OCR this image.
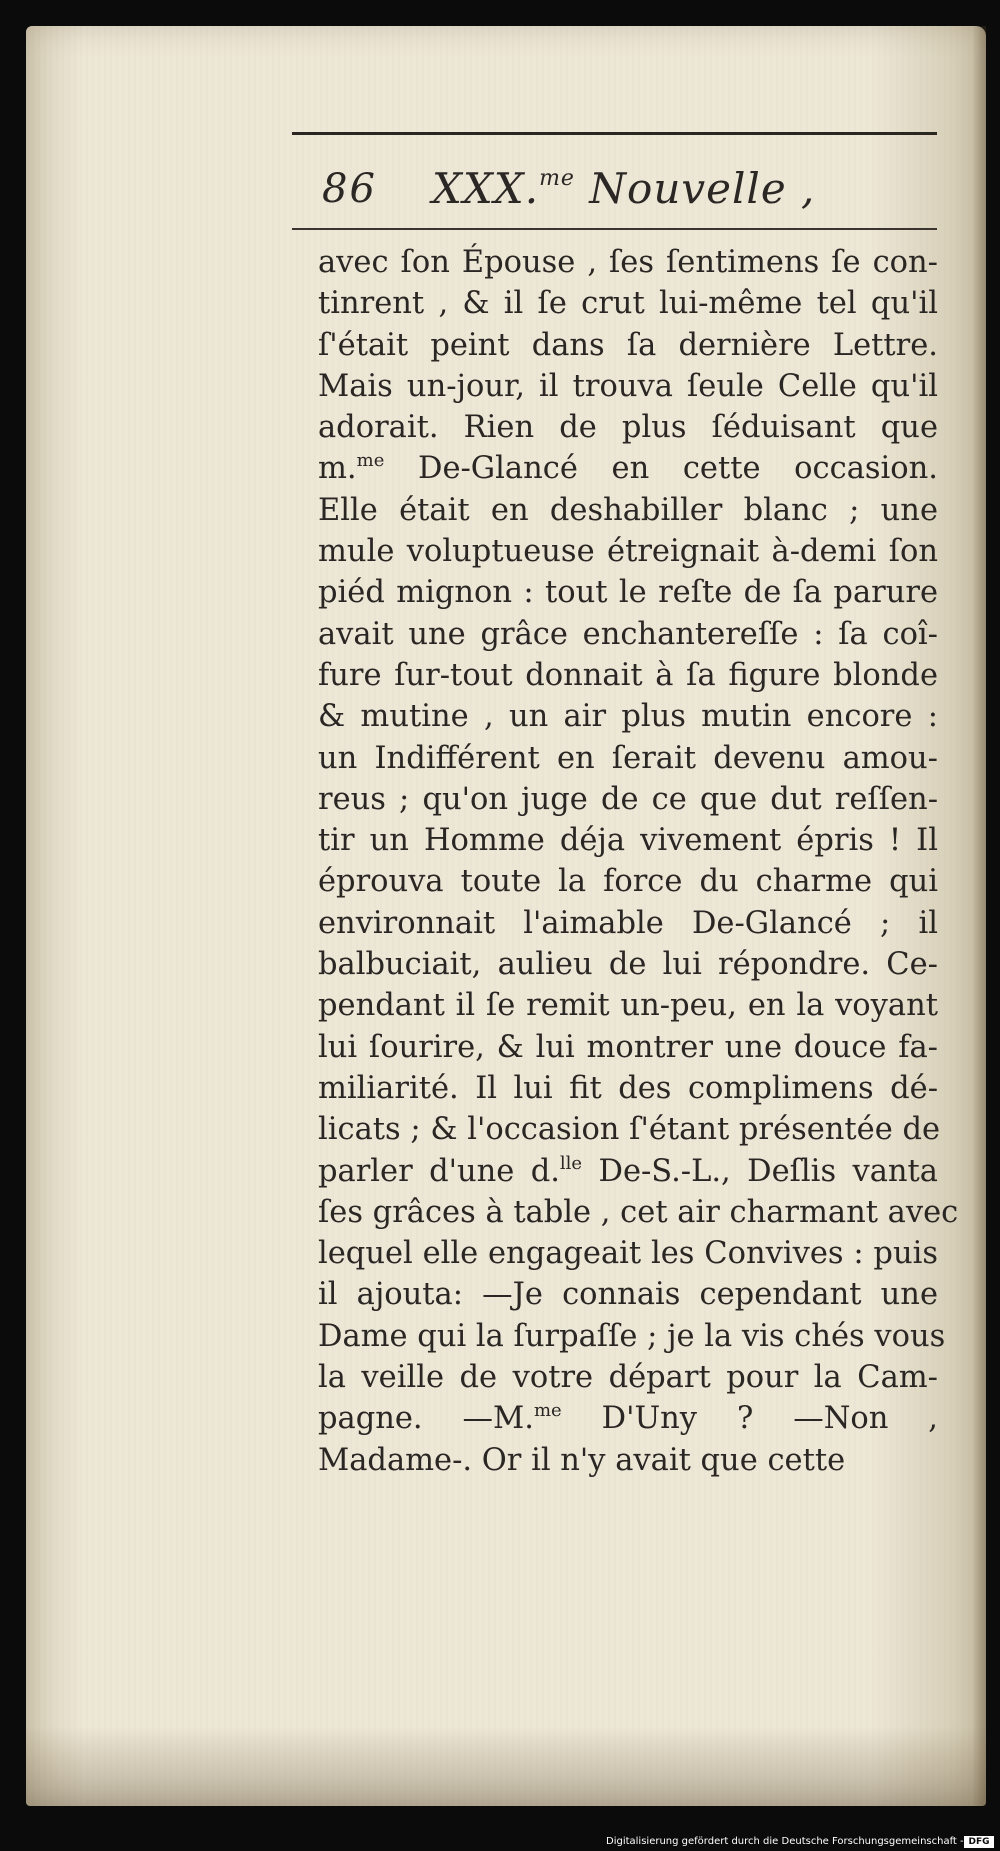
86 XXX.$^{me}$ Nouvelle ,
avec ſon Épouse , ſes ſentimens ſe con-
tinrent , & il ſe crut lui-même tel qu'il
ſ'était peint dans ſa dernière Lettre.
Mais un-jour, il trouva ſeule Celle qu'il
adorait. Rien de plus ſéduisant que
m.$^{me}$ De-Glancé en cette occasion.
Elle était en deshabiller blanc ; une
mule voluptueuse étreignait à-demi ſon
piéd mignon : tout le reſte de ſa parure
avait une grâce enchantereſſe : ſa coî-
fure ſur-tout donnait à ſa figure blonde
& mutine , un air plus mutin encore :
un Indifférent en ſerait devenu amou-
reus ; qu'on juge de ce que dut reſſen-
tir un Homme déja vivement épris ! Il
éprouva toute la force du charme qui
environnait l'aimable De-Glancé ; il
balbuciait, aulieu de lui répondre. Ce-
pendant il ſe remit un-peu, en la voyant
lui ſourire, & lui montrer une douce fa-
miliarité. Il lui fit des complimens dé-
licats ; & l'occasion ſ'étant présentée de
parler d'une d.$^{lle}$ De-S.-L., Deſlis vanta
ſes grâces à table , cet air charmant avec
lequel elle engageait les Convives : puis
il ajouta: —Je connais cependant une
Dame qui la ſurpaſſe ; je la vis chés vous
la veille de votre départ pour la Cam-
pagne. —M.$^{me}$ D'Uny ? —Non ,
Madame-. Or il n'y avait que cette
Digitalisierung gefördert durch die Deutsche Forschungsgemeinschaft - DFG
